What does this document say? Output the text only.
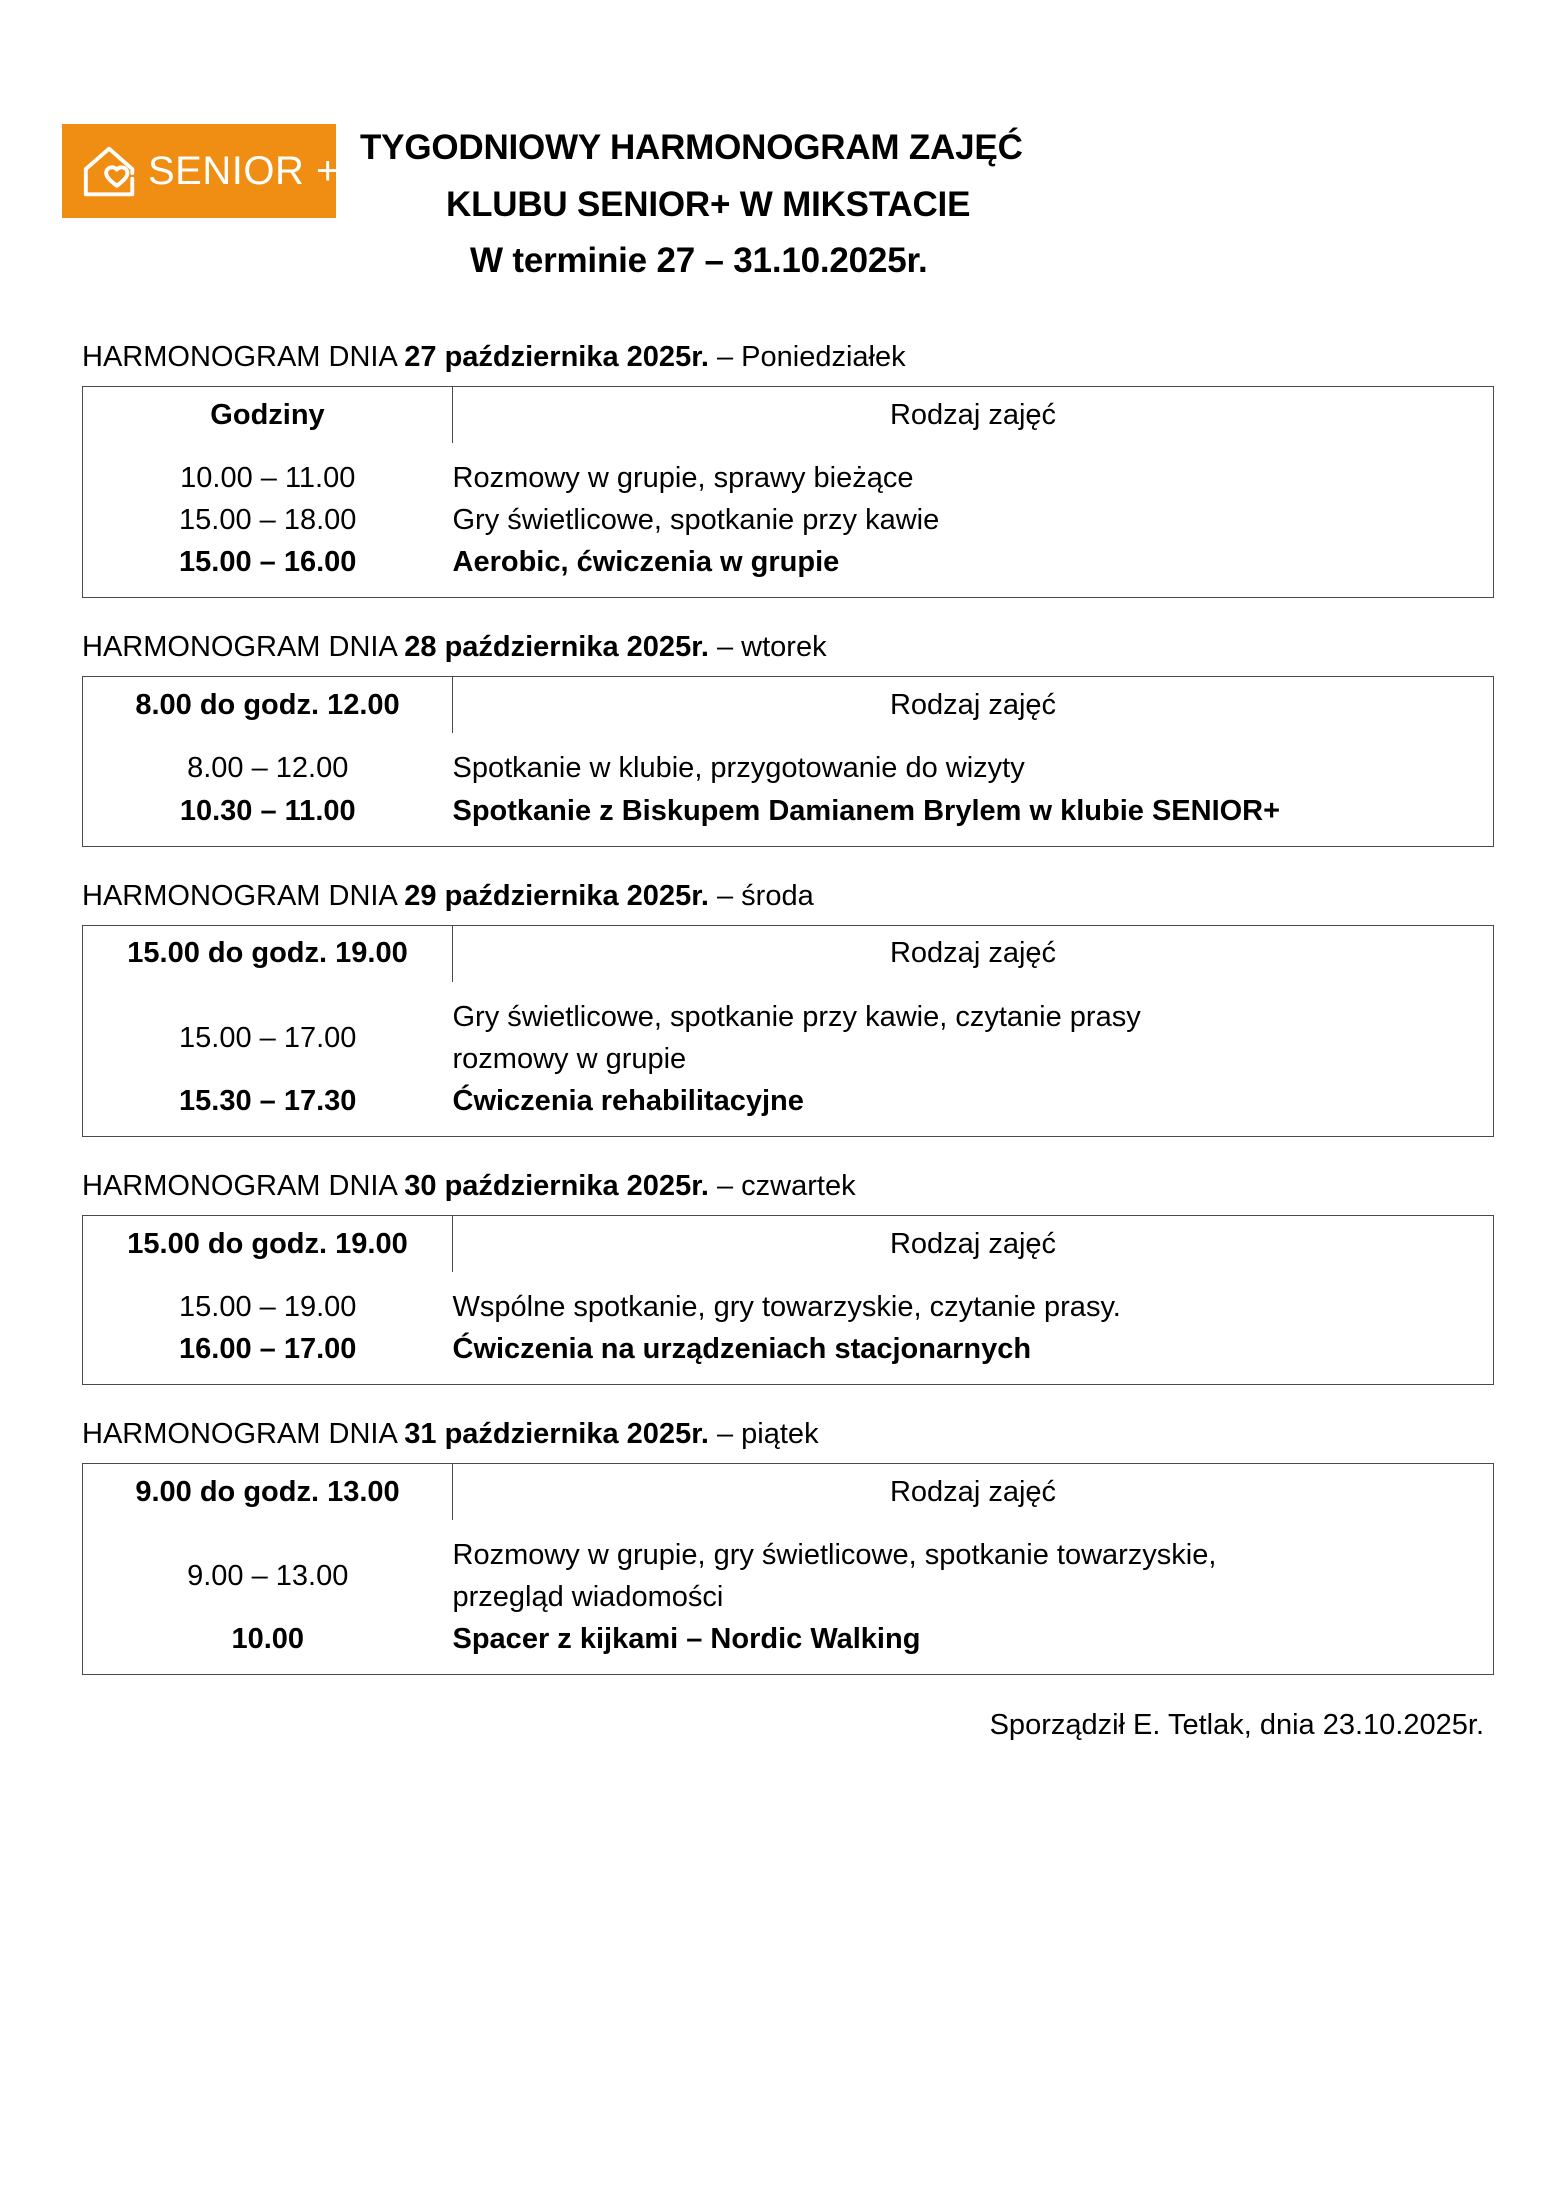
SENIOR +
TYGODNIOWY HARMONOGRAM ZAJĘĆ
KLUBU SENIOR+ W MIKSTACIE
W terminie 27 – 31.10.2025r.
HARMONOGRAM DNIA 27 października 2025r. – Poniedziałek
Godziny	Rodzaj zajęć
10.00 – 11.00	Rozmowy w grupie, sprawy bieżące
15.00 – 18.00	Gry świetlicowe, spotkanie przy kawie
15.00 – 16.00	Aerobic, ćwiczenia w grupie
HARMONOGRAM DNIA 28 października 2025r. – wtorek
8.00 do godz. 12.00	Rodzaj zajęć
8.00 – 12.00	Spotkanie w klubie, przygotowanie do wizyty
10.30 – 11.00	Spotkanie z Biskupem Damianem Brylem w klubie SENIOR+
HARMONOGRAM DNIA 29 października 2025r. – środa
15.00 do godz. 19.00	Rodzaj zajęć
15.00 – 17.00	Gry świetlicowe, spotkanie przy kawie, czytanie prasy
rozmowy w grupie

15.30 – 17.30	Ćwiczenia rehabilitacyjne
HARMONOGRAM DNIA 30 października 2025r. – czwartek
15.00 do godz. 19.00	Rodzaj zajęć
15.00 – 19.00	Wspólne spotkanie, gry towarzyskie, czytanie prasy.
16.00 – 17.00	Ćwiczenia na urządzeniach stacjonarnych
HARMONOGRAM DNIA 31 października 2025r. – piątek
9.00 do godz. 13.00	Rodzaj zajęć
9.00 – 13.00	Rozmowy w grupie, gry świetlicowe, spotkanie towarzyskie,
przegląd wiadomości

10.00	Spacer z kijkami – Nordic Walking
Sporządził E. Tetlak, dnia 23.10.2025r.
